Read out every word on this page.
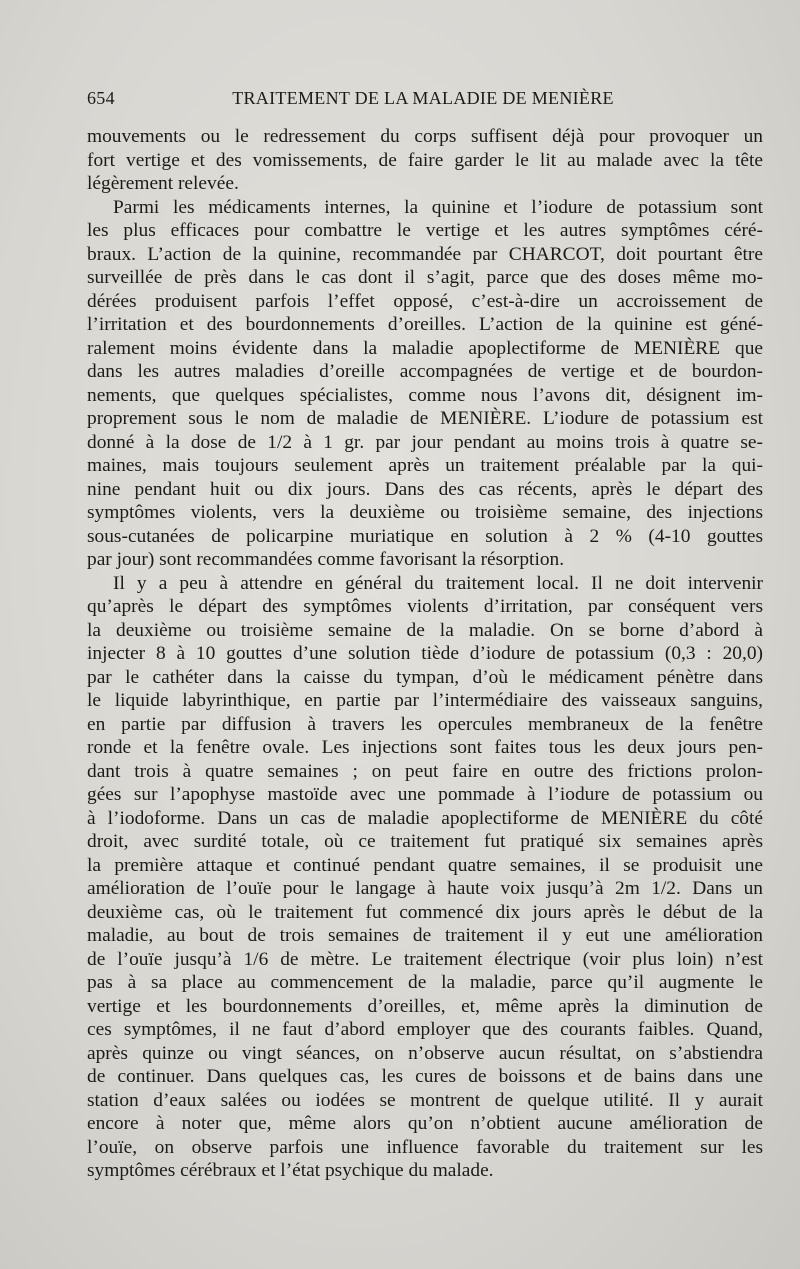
654	TRAITEMENT DE LA MALADIE DE MENIÈRE
mouvements ou le redressement du corps suffisent déjà pour provoquer un
fort vertige et des vomissements, de faire garder le lit au malade avec la tête
légèrement relevée.
Parmi les médicaments internes, la quinine et l’iodure de potassium sont
les plus efficaces pour combattre le vertige et les autres symptômes céré-
braux. L’action de la quinine, recommandée par CHARCOT, doit pourtant être
surveillée de près dans le cas dont il s’agit, parce que des doses même mo-
dérées produisent parfois l’effet opposé, c’est-à-dire un accroissement de
l’irritation et des bourdonnements d’oreilles. L’action de la quinine est géné-
ralement moins évidente dans la maladie apoplectiforme de MENIÈRE que
dans les autres maladies d’oreille accompagnées de vertige et de bourdon-
nements, que quelques spécialistes, comme nous l’avons dit, désignent im-
proprement sous le nom de maladie de MENIÈRE. L’iodure de potassium est
donné à la dose de 1/2 à 1 gr. par jour pendant au moins trois à quatre se-
maines, mais toujours seulement après un traitement préalable par la qui-
nine pendant huit ou dix jours. Dans des cas récents, après le départ des
symptômes violents, vers la deuxième ou troisième semaine, des injections
sous-cutanées de policarpine muriatique en solution à 2 % (4-10 gouttes
par jour) sont recommandées comme favorisant la résorption.
Il y a peu à attendre en général du traitement local. Il ne doit intervenir
qu’après le départ des symptômes violents d’irritation, par conséquent vers
la deuxième ou troisième semaine de la maladie. On se borne d’abord à
injecter 8 à 10 gouttes d’une solution tiède d’iodure de potassium (0,3 : 20,0)
par le cathéter dans la caisse du tympan, d’où le médicament pénètre dans
le liquide labyrinthique, en partie par l’intermédiaire des vaisseaux sanguins,
en partie par diffusion à travers les opercules membraneux de la fenêtre
ronde et la fenêtre ovale. Les injections sont faites tous les deux jours pen-
dant trois à quatre semaines ; on peut faire en outre des frictions prolon-
gées sur l’apophyse mastoïde avec une pommade à l’iodure de potassium ou
à l’iodoforme. Dans un cas de maladie apoplectiforme de MENIÈRE du côté
droit, avec surdité totale, où ce traitement fut pratiqué six semaines après
la première attaque et continué pendant quatre semaines, il se produisit une
amélioration de l’ouïe pour le langage à haute voix jusqu’à 2m 1/2. Dans un
deuxième cas, où le traitement fut commencé dix jours après le début de la
maladie, au bout de trois semaines de traitement il y eut une amélioration
de l’ouïe jusqu’à 1/6 de mètre. Le traitement électrique (voir plus loin) n’est
pas à sa place au commencement de la maladie, parce qu’il augmente le
vertige et les bourdonnements d’oreilles, et, même après la diminution de
ces symptômes, il ne faut d’abord employer que des courants faibles. Quand,
après quinze ou vingt séances, on n’observe aucun résultat, on s’abstiendra
de continuer. Dans quelques cas, les cures de boissons et de bains dans une
station d’eaux salées ou iodées se montrent de quelque utilité. Il y aurait
encore à noter que, même alors qu’on n’obtient aucune amélioration de
l’ouïe, on observe parfois une influence favorable du traitement sur les
symptômes cérébraux et l’état psychique du malade.
